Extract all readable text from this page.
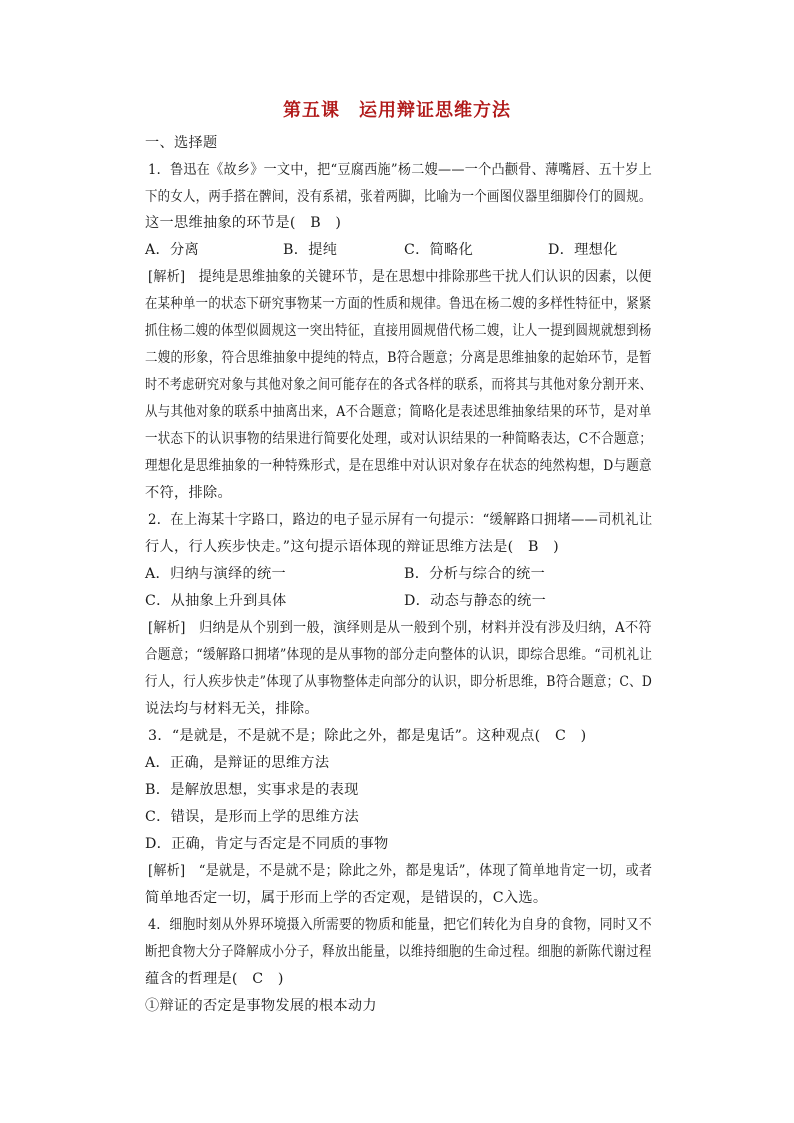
第五课　运用辩证思维方法
一、选择题
1．鲁迅在《故乡》一文中，把“豆腐西施”杨二嫂——一个凸颧骨、薄嘴唇、五十岁上
下的女人，两手搭在髀间，没有系裙，张着两脚，比喻为一个画图仪器里细脚伶仃的圆规。
这一思维抽象的环节是(　B　)
A．分离	B．提纯	C．简略化	D．理想化
[解析]　提纯是思维抽象的关键环节，是在思想中排除那些干扰人们认识的因素，以便
在某种单一的状态下研究事物某一方面的性质和规律。鲁迅在杨二嫂的多样性特征中，紧紧
抓住杨二嫂的体型似圆规这一突出特征，直接用圆规借代杨二嫂，让人一提到圆规就想到杨
二嫂的形象，符合思维抽象中提纯的特点，B符合题意；分离是思维抽象的起始环节，是暂
时不考虑研究对象与其他对象之间可能存在的各式各样的联系，而将其与其他对象分割开来、
从与其他对象的联系中抽离出来，A不合题意；简略化是表述思维抽象结果的环节，是对单
一状态下的认识事物的结果进行简要化处理，或对认识结果的一种简略表达，C不合题意；
理想化是思维抽象的一种特殊形式，是在思维中对认识对象存在状态的纯然构想，D与题意
不符，排除。
2．在上海某十字路口，路边的电子显示屏有一句提示：“缓解路口拥堵——司机礼让
行人，行人疾步快走。”这句提示语体现的辩证思维方法是(　B　)
A．归纳与演绎的统一	B．分析与综合的统一
C．从抽象上升到具体	D．动态与静态的统一
[解析]　归纳是从个别到一般，演绎则是从一般到个别，材料并没有涉及归纳，A不符
合题意；“缓解路口拥堵”体现的是从事物的部分走向整体的认识，即综合思维。“司机礼让
行人，行人疾步快走”体现了从事物整体走向部分的认识，即分析思维，B符合题意；C、D
说法均与材料无关，排除。
3．“是就是，不是就不是；除此之外，都是鬼话”。这种观点(　C　)
A．正确，是辩证的思维方法
B．是解放思想，实事求是的表现
C．错误，是形而上学的思维方法
D．正确，肯定与否定是不同质的事物
[解析]　“是就是，不是就不是；除此之外，都是鬼话”，体现了简单地肯定一切，或者
简单地否定一切，属于形而上学的否定观，是错误的，C入选。
4．细胞时刻从外界环境摄入所需要的物质和能量，把它们转化为自身的食物，同时又不
断把食物大分子降解成小分子，释放出能量，以维持细胞的生命过程。细胞的新陈代谢过程
蕴含的哲理是(　C　)
①辩证的否定是事物发展的根本动力
